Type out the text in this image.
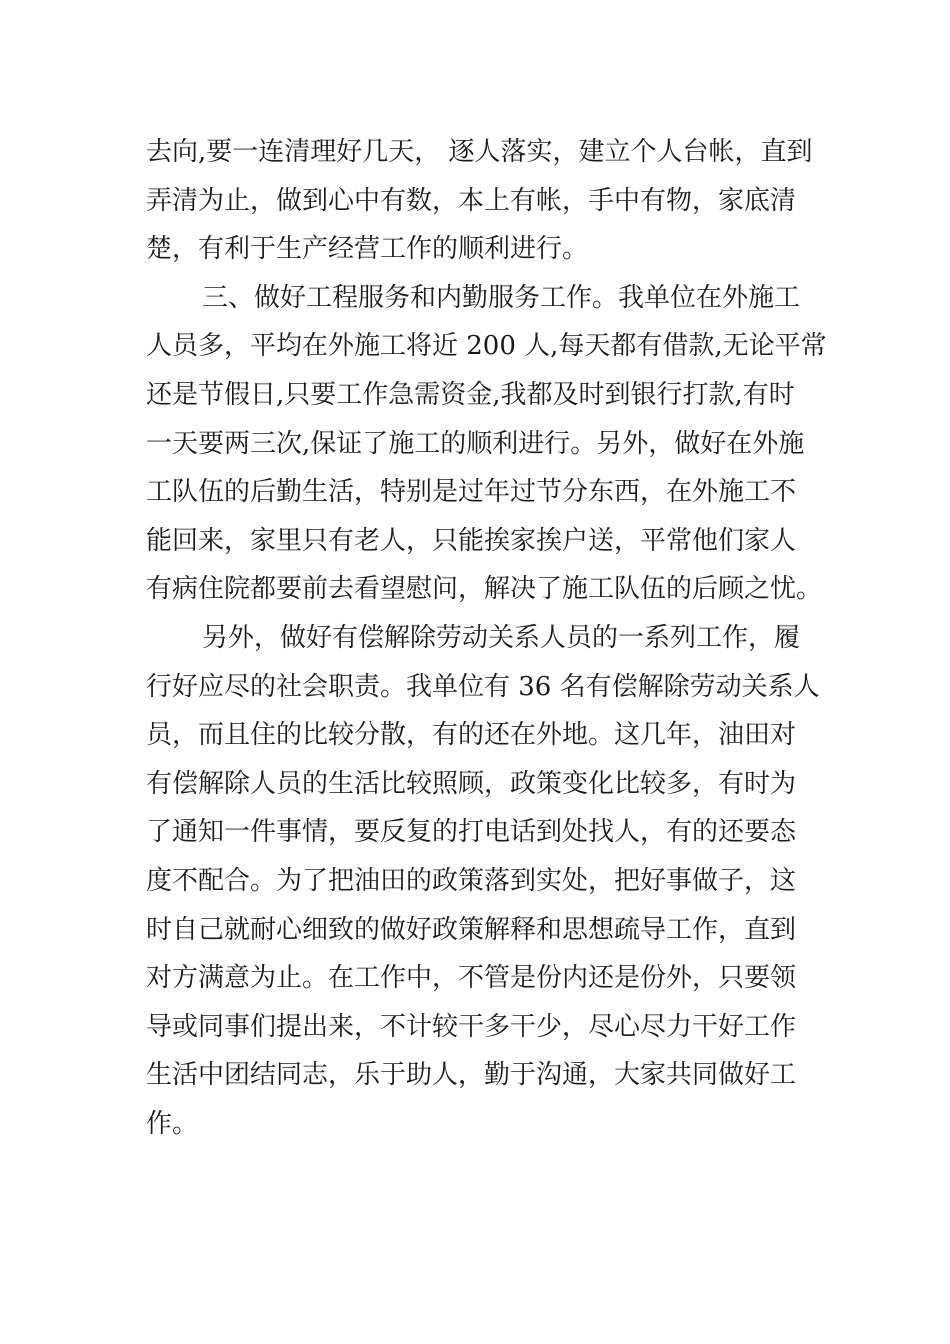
去向,要一连清理好几天， 逐人落实，建立个人台帐，直到
弄清为止，做到心中有数，本上有帐，手中有物，家底清
楚，有利于生产经营工作的顺利进行。
三、做好工程服务和内勤服务工作。我单位在外施工
人员多，平均在外施工将近 200 人,每天都有借款,无论平常
还是节假日,只要工作急需资金,我都及时到银行打款,有时
一天要两三次,保证了施工的顺利进行。另外，做好在外施
工队伍的后勤生活，特别是过年过节分东西，在外施工不
能回来，家里只有老人，只能挨家挨户送，平常他们家人
有病住院都要前去看望慰问，解决了施工队伍的后顾之忧。
另外，做好有偿解除劳动关系人员的一系列工作，履
行好应尽的社会职责。我单位有 36 名有偿解除劳动关系人
员，而且住的比较分散，有的还在外地。这几年，油田对
有偿解除人员的生活比较照顾，政策变化比较多，有时为
了通知一件事情，要反复的打电话到处找人，有的还要态
度不配合。为了把油田的政策落到实处，把好事做子，这
时自己就耐心细致的做好政策解释和思想疏导工作，直到
对方满意为止。在工作中，不管是份内还是份外，只要领
导或同事们提出来，不计较干多干少，尽心尽力干好工作
生活中团结同志，乐于助人，勤于沟通，大家共同做好工
作。
